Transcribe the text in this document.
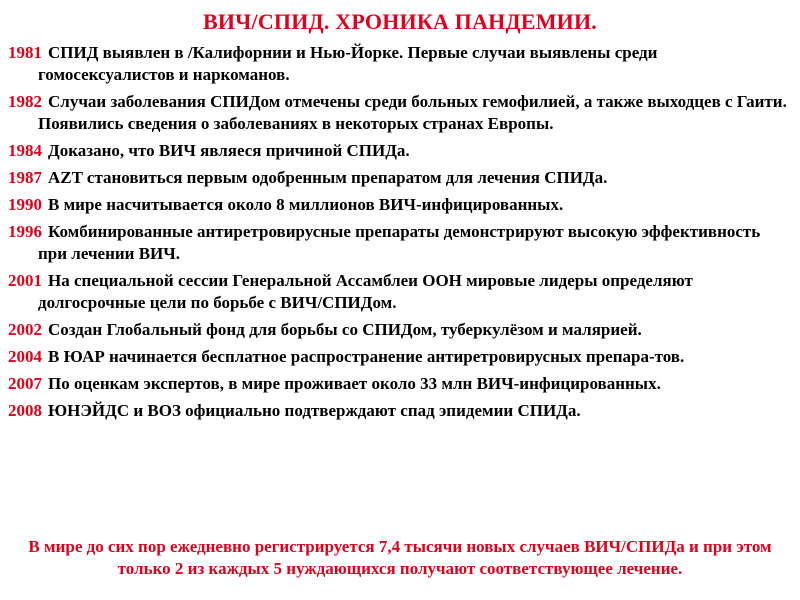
ВИЧ/СПИД. ХРОНИКА ПАНДЕМИИ.
1981 СПИД выявлен в /Калифорнии и Нью-Йорке. Первые случаи выявлены среди гомосексуалистов и наркоманов.
1982 Случаи заболевания СПИДом отмечены среди больных гемофилией, а также выходцев с Гаити. Появились сведения о заболеваниях в некоторых странах Европы.
1984 Доказано, что ВИЧ являеся причиной СПИДа.
1987 AZT становиться первым одобренным препаратом для лечения СПИДа.
1990 В мире насчитывается около 8 миллионов ВИЧ-инфицированных.
1996 Комбинированные антиретровирусные препараты демонстрируют высокую эффективность при лечении ВИЧ.
2001 На специальной сессии Генеральной Ассамблеи ООН мировые лидеры определяют долгосрочные цели по борьбе с ВИЧ/СПИДом.
2002 Создан Глобальный фонд для борьбы со СПИДом, туберкулёзом и малярией.
2004 В ЮАР начинается бесплатное распространение антиретровирусных препара-тов.
2007 По оценкам экспертов, в мире проживает около 33 млн ВИЧ-инфицированных.
2008 ЮНЭЙДС и ВОЗ официально подтверждают спад эпидемии СПИДа.
В мире до сих пор ежедневно регистрируется 7,4 тысячи новых случаев ВИЧ/СПИДа и при этом только 2 из каждых 5 нуждающихся получают соответствующее лечение.
